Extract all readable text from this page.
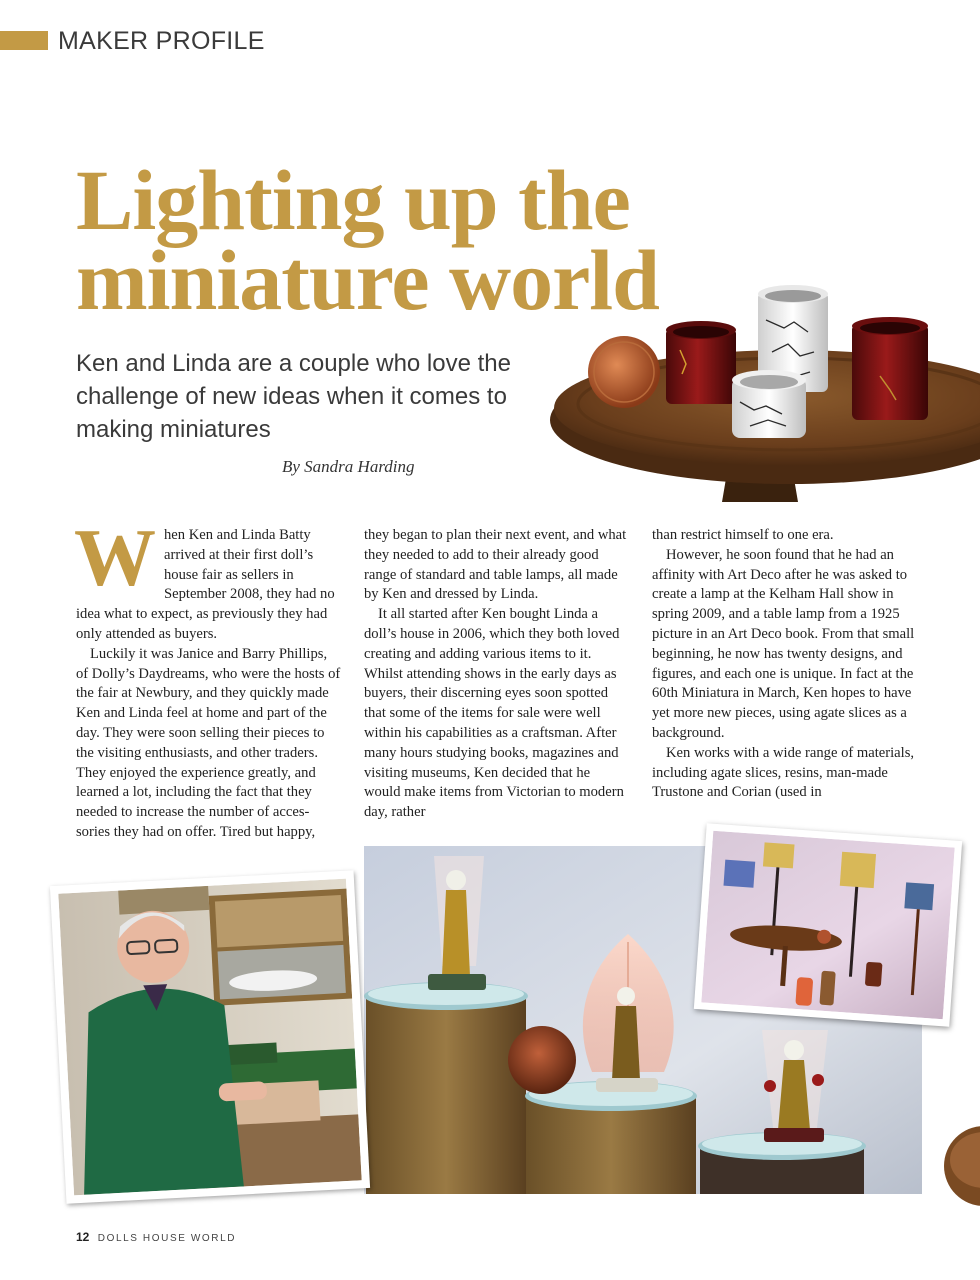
MAKER PROFILE
Lighting up the
miniature world

Ken and Linda are a couple who love the challenge of new ideas when it comes to making miniatures

By Sandra Harding

When Ken and Linda Batty arrived at their first doll’s house fair as sellers in September 2008, they had no idea what to expect, as previously they had only attended as buyers.

Luckily it was Janice and Barry Phillips, of Dolly’s Daydreams, who were the hosts of the fair at Newbury, and they quickly made Ken and Linda feel at home and part of the day. They were soon selling their pieces to the visiting enthusiasts, and other traders. They enjoyed the experience greatly, and learned a lot, including the fact that they needed to increase the number of acces-sories they had on offer. Tired but happy,

they began to plan their next event, and what they needed to add to their already good range of standard and table lamps, all made by Ken and dressed by Linda.

It all started after Ken bought Linda a doll’s house in 2006, which they both loved creating and adding various items to it. Whilst attending shows in the early days as buyers, their discerning eyes soon spotted that some of the items for sale were well within his capabilities as a craftsman. After many hours studying books, magazines and visiting museums, Ken decided that he would make items from Victorian to modern day, rather

than restrict himself to one era.

However, he soon found that he had an affinity with Art Deco after he was asked to create a lamp at the Kelham Hall show in spring 2009, and a table lamp from a 1925 picture in an Art Deco book. From that small beginning, he now has twenty designs, and figures, and each one is unique. In fact at the 60th Miniatura in March, Ken hopes to have yet more new pieces, using agate slices as a background.

Ken works with a wide range of materials, including agate slices, resins, man-made Trustone and Corian (used in

12 DOLLS HOUSE WORLD
